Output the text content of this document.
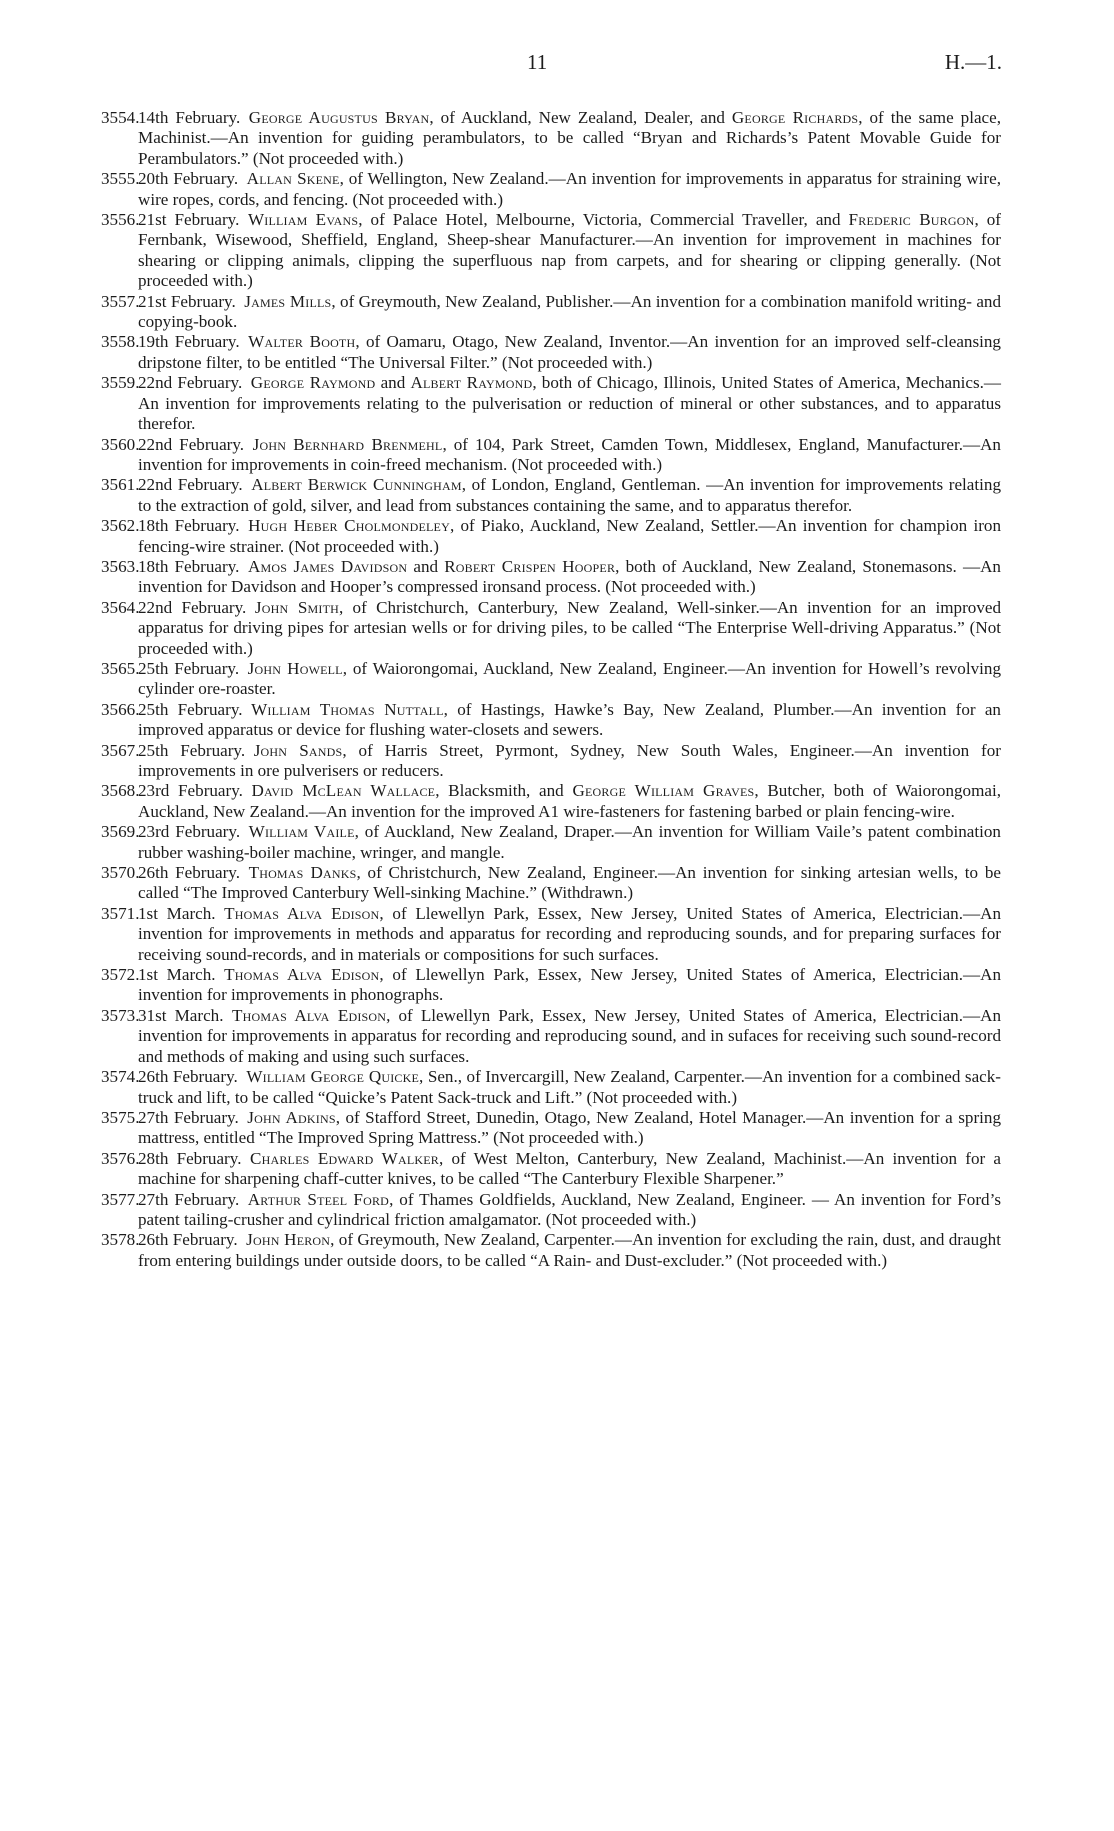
11	H.—1.

3554.
14th February.  George Augustus Bryan, of Auckland, New Zealand, Dealer, and George Richards, of the same place, Machinist.—An invention for guiding perambulators, to be called “Bryan and Richards’s Patent Movable Guide for Perambulators.” (Not proceeded with.)

3555.
20th February.  Allan Skene, of Wellington, New Zealand.—An invention for improvements in apparatus for straining wire, wire ropes, cords, and fencing. (Not proceeded with.)

3556.
21st February.  William Evans, of Palace Hotel, Melbourne, Victoria, Commercial Traveller, and Frederic Burgon, of Fernbank, Wisewood, Sheffield, England, Sheep-shear Manufacturer.—An invention for improvement in machines for shearing or clipping animals, clipping the superfluous nap from carpets, and for shearing or clipping generally. (Not proceeded with.)

3557.
21st February.  James Mills, of Greymouth, New Zealand, Publisher.—An invention for a combination manifold writing- and copying-book.

3558.
19th February.  Walter Booth, of Oamaru, Otago, New Zealand, Inventor.—An invention for an improved self-cleansing dripstone filter, to be entitled “The Universal Filter.” (Not proceeded with.)

3559.
22nd February.  George Raymond and Albert Raymond, both of Chicago, Illinois, United States of America, Mechanics.—An invention for improvements relating to the pulverisation or reduction of mineral or other substances, and to apparatus therefor.

3560.
22nd February.  John Bernhard Brenmehl, of 104, Park Street, Camden Town, Middlesex, England, Manufacturer.—An invention for improvements in coin-freed mechanism. (Not proceeded with.)

3561.
22nd February.  Albert Berwick Cunningham, of London, England, Gentleman. —An invention for improvements relating to the extraction of gold, silver, and lead from substances containing the same, and to apparatus therefor.

3562.
18th February.  Hugh Heber Cholmondeley, of Piako, Auckland, New Zealand, Settler.—An invention for champion iron fencing-wire strainer. (Not proceeded with.)

3563.
18th February.  Amos James Davidson and Robert Crispen Hooper, both of Auckland, New Zealand, Stonemasons. —An invention for Davidson and Hooper’s compressed ironsand process. (Not proceeded with.)

3564.
22nd February.  John Smith, of Christchurch, Canterbury, New Zealand, Well-sinker.—An invention for an improved apparatus for driving pipes for artesian wells or for driving piles, to be called “The Enterprise Well-driving Apparatus.” (Not proceeded with.)

3565.
25th February.  John Howell, of Waiorongomai, Auckland, New Zealand, Engineer.—An invention for Howell’s revolving cylinder ore-roaster.

3566.
25th February.  William Thomas Nuttall, of Hastings, Hawke’s Bay, New Zealand, Plumber.—An invention for an improved apparatus or device for flushing water-closets and sewers.

3567.
25th February.  John Sands, of Harris Street, Pyrmont, Sydney, New South Wales, Engineer.—An invention for improvements in ore pulverisers or reducers.

3568.
23rd February.  David McLean Wallace, Blacksmith, and George William Graves, Butcher, both of Waiorongomai, Auckland, New Zealand.—An invention for the improved A1 wire-fasteners for fastening barbed or plain fencing-wire.

3569.
23rd February.  William Vaile, of Auckland, New Zealand, Draper.—An invention for William Vaile’s patent combination rubber washing-boiler machine, wringer, and mangle.

3570.
26th February.  Thomas Danks, of Christchurch, New Zealand, Engineer.—An invention for sinking artesian wells, to be called “The Improved Canterbury Well-sinking Machine.” (Withdrawn.)

3571.
1st March.  Thomas Alva Edison, of Llewellyn Park, Essex, New Jersey, United States of America, Electrician.—An invention for improvements in methods and apparatus for recording and reproducing sounds, and for preparing surfaces for receiving sound-records, and in materials or compositions for such surfaces.

3572.
1st March.  Thomas Alva Edison, of Llewellyn Park, Essex, New Jersey, United States of America, Electrician.—An invention for improvements in phonographs.

3573.
31st March.  Thomas Alva Edison, of Llewellyn Park, Essex, New Jersey, United States of America, Electrician.—An invention for improvements in apparatus for recording and reproducing sound, and in sufaces for receiving such sound-record and methods of making and using such surfaces.

3574.
26th February.  William George Quicke, Sen., of Invercargill, New Zealand, Carpenter.—An invention for a combined sack-truck and lift, to be called “Quicke’s Patent Sack-truck and Lift.” (Not proceeded with.)

3575.
27th February.  John Adkins, of Stafford Street, Dunedin, Otago, New Zealand, Hotel Manager.—An invention for a spring mattress, entitled “The Improved Spring Mattress.” (Not proceeded with.)

3576.
28th February.  Charles Edward Walker, of West Melton, Canterbury, New Zealand, Machinist.—An invention for a machine for sharpening chaff-cutter knives, to be called “The Canterbury Flexible Sharpener.”

3577.
27th February.  Arthur Steel Ford, of Thames Goldfields, Auckland, New Zealand, Engineer. — An invention for Ford’s patent tailing-crusher and cylindrical friction amalgamator. (Not proceeded with.)

3578.
26th February.  John Heron, of Greymouth, New Zealand, Carpenter.—An invention for excluding the rain, dust, and draught from entering buildings under outside doors, to be called “A Rain- and Dust-excluder.” (Not proceeded with.)
